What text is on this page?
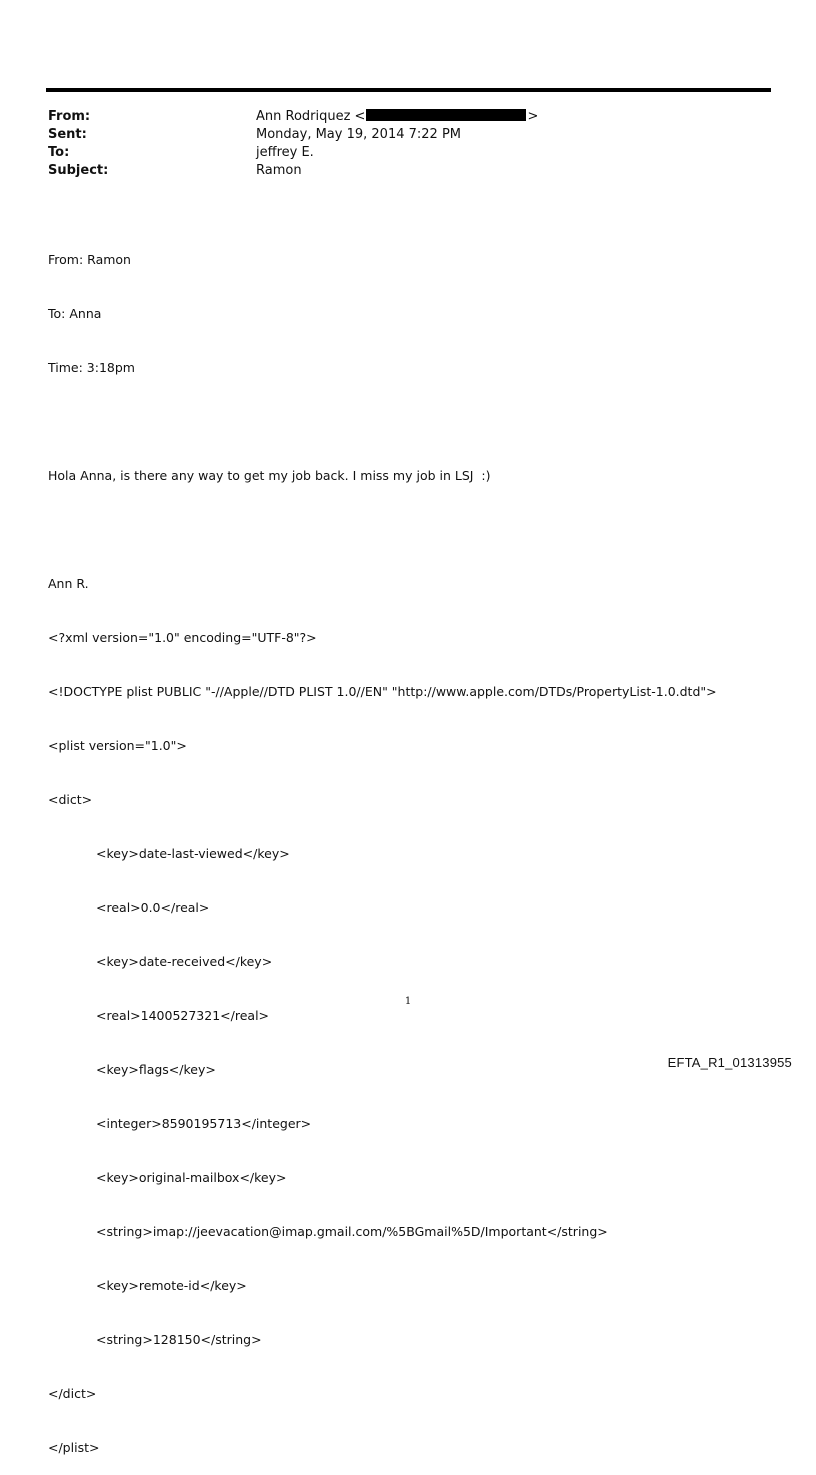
From:	Ann Rodriquez <	>
Sent:	Monday, May 19, 2014 7:22 PM
To:	jeffrey E.
Subject:	Ramon

From: Ramon

To: Anna

Time: 3:18pm

Hola Anna, is there any way to get my job back. I miss my job in LSJ  :)

Ann R.

<?xml version="1.0" encoding="UTF-8"?>

<!DOCTYPE plist PUBLIC "-//Apple//DTD PLIST 1.0//EN" "http://www.apple.com/DTDs/PropertyList-1.0.dtd">

<plist version="1.0">

<dict>

<key>date-last-viewed</key>

<real>0.0</real>

<key>date-received</key>

<real>1400527321</real>

<key>flags</key>

<integer>8590195713</integer>

<key>original-mailbox</key>

<string>imap://jeevacation@imap.gmail.com/%5BGmail%5D/Important</string>

<key>remote-id</key>

<string>128150</string>

</dict>

</plist>

1
EFTA_R1_01313955
